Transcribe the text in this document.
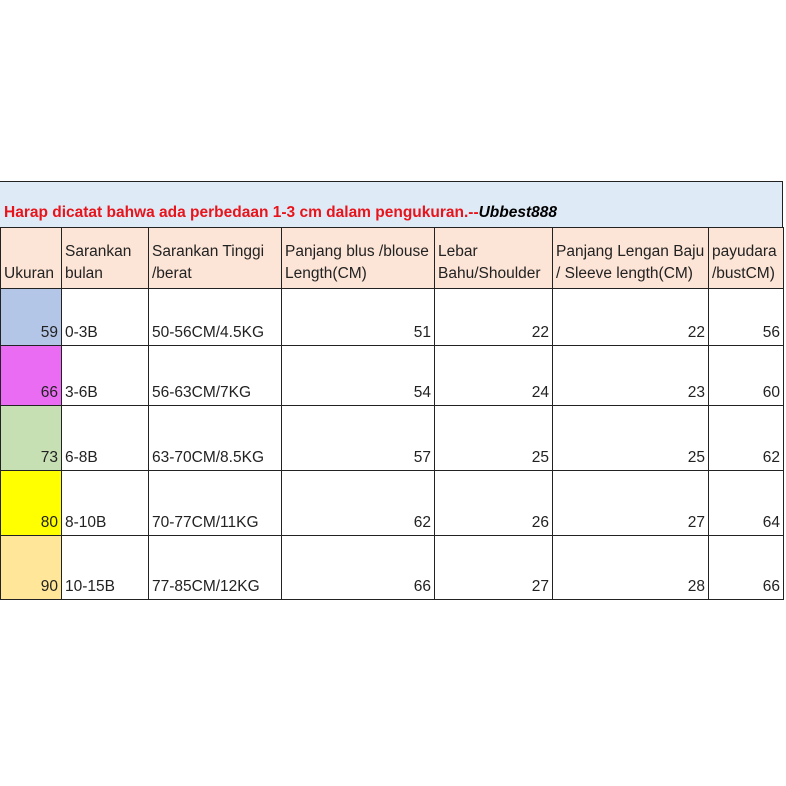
Harap dicatat bahwa ada perbedaan 1-3 cm dalam pengukuran.--Ubbest888
Ukuran	Sarankan bulan	Sarankan Tinggi /berat	Panjang blus /blouse Length(CM)	Lebar Bahu/Shoulder	Panjang Lengan Baju / Sleeve length(CM)	payudara /bustCM)
59	0-3B	50-56CM/4.5KG	51	22	22	56
66	3-6B	56-63CM/7KG	54	24	23	60
73	6-8B	63-70CM/8.5KG	57	25	25	62
80	8-10B	70-77CM/11KG	62	26	27	64
90	10-15B	77-85CM/12KG	66	27	28	66
